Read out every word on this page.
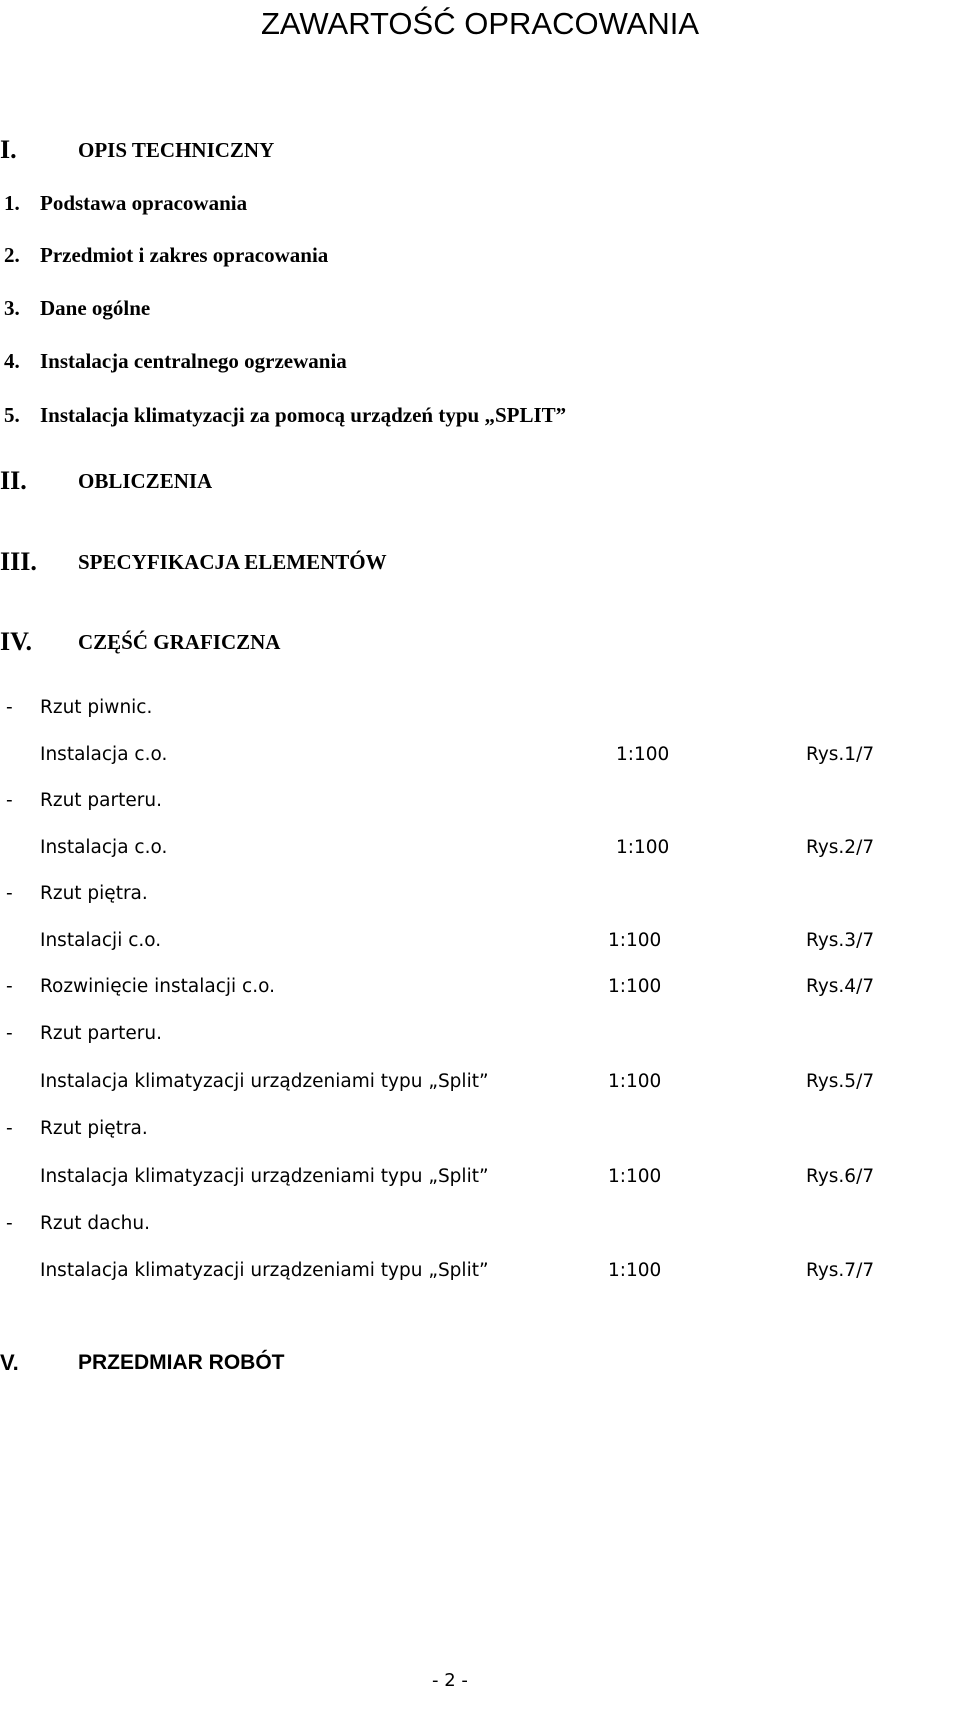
ZAWARTOŚĆ OPRACOWANIA
I.	OPIS TECHNICZNY
1. Podstawa opracowania
2. Przedmiot i zakres opracowania
3. Dane ogólne
4. Instalacja centralnego ogrzewania
5. Instalacja klimatyzacji za pomocą urządzeń typu „SPLIT”
II. OBLICZENIA
III. SPECYFIKACJA ELEMENTÓW
IV. CZĘŚĆ GRAFICZNA
- Rzut piwnic.
Instalacja c.o.	1:100	Rys.1/7
- Rzut parteru.
Instalacja c.o.	1:100	Rys.2/7
- Rzut piętra.
Instalacji c.o.	1:100	Rys.3/7
- Rozwinięcie instalacji c.o.	1:100	Rys.4/7
- Rzut parteru.
Instalacja klimatyzacji urządzeniami typu „Split”	1:100	Rys.5/7
- Rzut piętra.
Instalacja klimatyzacji urządzeniami typu „Split”	1:100	Rys.6/7
- Rzut dachu.
Instalacja klimatyzacji urządzeniami typu „Split”	1:100	Rys.7/7
V.	PRZEDMIAR ROBÓT
- 2 -
